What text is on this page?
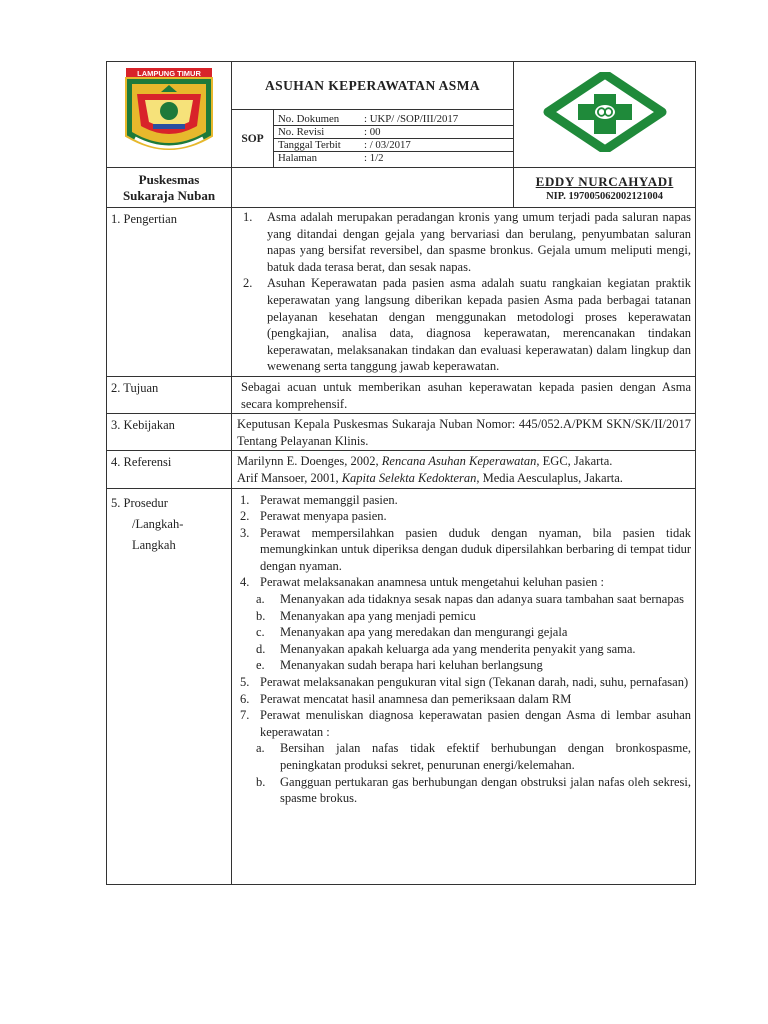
LAMPUNG TIMUR
	ASUHAN KEPERAWATAN ASMA	
SOP	
No. Dokumen	: UKP/ /SOP/III/2017
No. Revisi	: 00
Tanggal Terbit	: / 03/2017
Halaman	: 1/2

Puskesmas
Sukaraja Nuban

EDDY NURCAHYADI
NIP. 197005062002121004

1. Pengertian	1.	Asma adalah merupakan peradangan kronis yang umum terjadi pada saluran napas yang ditandai dengan gejala yang bervariasi dan berulang, penyumbatan saluran napas yang bersifat reversibel, dan spasme bronkus. Gejala umum meliputi mengi, batuk dada terasa berat, dan sesak napas.
2.	Asuhan Keperawatan pada pasien asma adalah suatu rangkaian kegiatan praktik keperawatan yang langsung diberikan kepada pasien Asma pada berbagai tatanan pelayanan kesehatan dengan menggunakan metodologi proses keperawatan (pengkajian, analisa data, diagnosa keperawatan, merencanakan tindakan keperawatan, melaksanakan tindakan dan evaluasi keperawatan) dalam lingkup dan wewenang serta tanggung jawab keperawatan.

2. Tujuan	Sebagai acuan untuk memberikan asuhan keperawatan kepada pasien dengan Asma secara komprehensif.
3. Kebijakan	Keputusan Kepala Puskesmas Sukaraja Nuban Nomor: 445/052.A/PKM SKN/SK/II/2017 Tentang Pelayanan Klinis.
4. Referensi	Marilynn E. Doenges, 2002, Rencana Asuhan Keperawatan, EGC, Jakarta.
Arif Mansoer, 2001, Kapita Selekta Kedokteran, Media Aesculaplus, Jakarta.

5. Prosedur
/Langkah-
Langkah

1. Perawat memanggil pasien.
2. Perawat menyapa pasien.
3. Perawat mempersilahkan pasien duduk dengan nyaman, bila pasien tidak memungkinkan untuk diperiksa dengan duduk dipersilahkan berbaring di tempat tidur dengan nyaman.
4. Perawat melaksanakan anamnesa untuk mengetahui keluhan pasien :
a.	Menanyakan ada tidaknya sesak napas dan adanya suara tambahan saat bernapas
b.	Menanyakan apa yang menjadi pemicu
c.	Menanyakan apa yang meredakan dan mengurangi gejala
d.	Menanyakan apakah keluarga ada yang menderita penyakit yang sama.
e.	Menanyakan sudah berapa hari keluhan berlangsung
5. Perawat melaksanakan pengukuran vital sign (Tekanan darah, nadi, suhu, pernafasan)
6. Perawat mencatat hasil anamnesa dan pemeriksaan dalam RM
7. Perawat menuliskan diagnosa keperawatan pasien dengan Asma di lembar asuhan keperawatan :
a.	Bersihan jalan nafas tidak efektif berhubungan dengan bronkospasme, peningkatan produksi sekret, penurunan energi/kelemahan.
b.	Gangguan pertukaran gas berhubungan dengan obstruksi jalan nafas oleh sekresi, spasme brokus.
